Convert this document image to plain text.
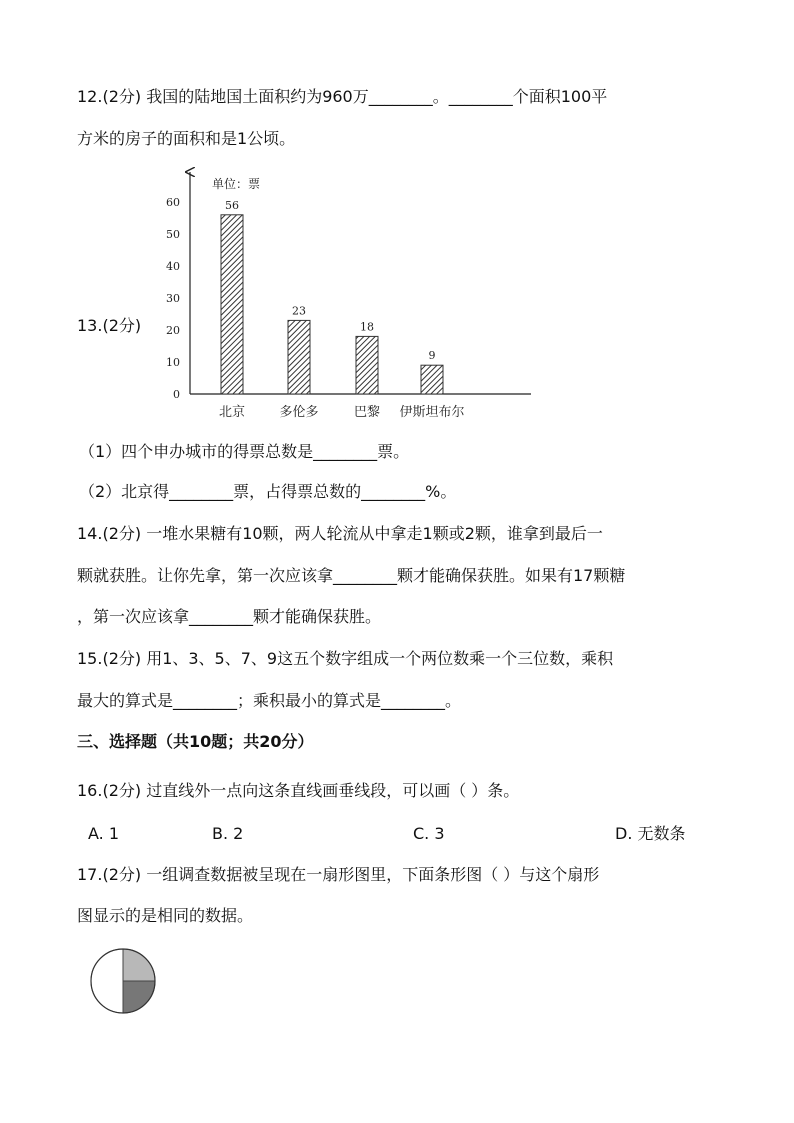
12.(2分) 我国的陆地国土面积约为960万________。________个面积100平
方米的房子的面积和是1公顷。
13.(2分)
0
10
20
30
40
50
60	56
23
18
9
北京	多伦多	巴黎 伊斯坦布尔
单位：票
（1）四个申办城市的得票总数是________票。
（2）北京得________票，占得票总数的________%。
14.(2分) 一堆水果糖有10颗，两人轮流从中拿走1颗或2颗，谁拿到最后一
颗就获胜。让你先拿，第一次应该拿________颗才能确保获胜。如果有17颗糖
，第一次应该拿________颗才能确保获胜。
15.(2分) 用1、3、5、7、9这五个数字组成一个两位数乘一个三位数，乘积
最大的算式是________；乘积最小的算式是________。
三、选择题（共10题；共20分）
16.(2分) 过直线外一点向这条直线画垂线段，可以画（ ）条。
A. 1	B. 2	C. 3	D. 无数条
17.(2分) 一组调查数据被呈现在一扇形图里，下面条形图（ ）与这个扇形
图显示的是相同的数据。
